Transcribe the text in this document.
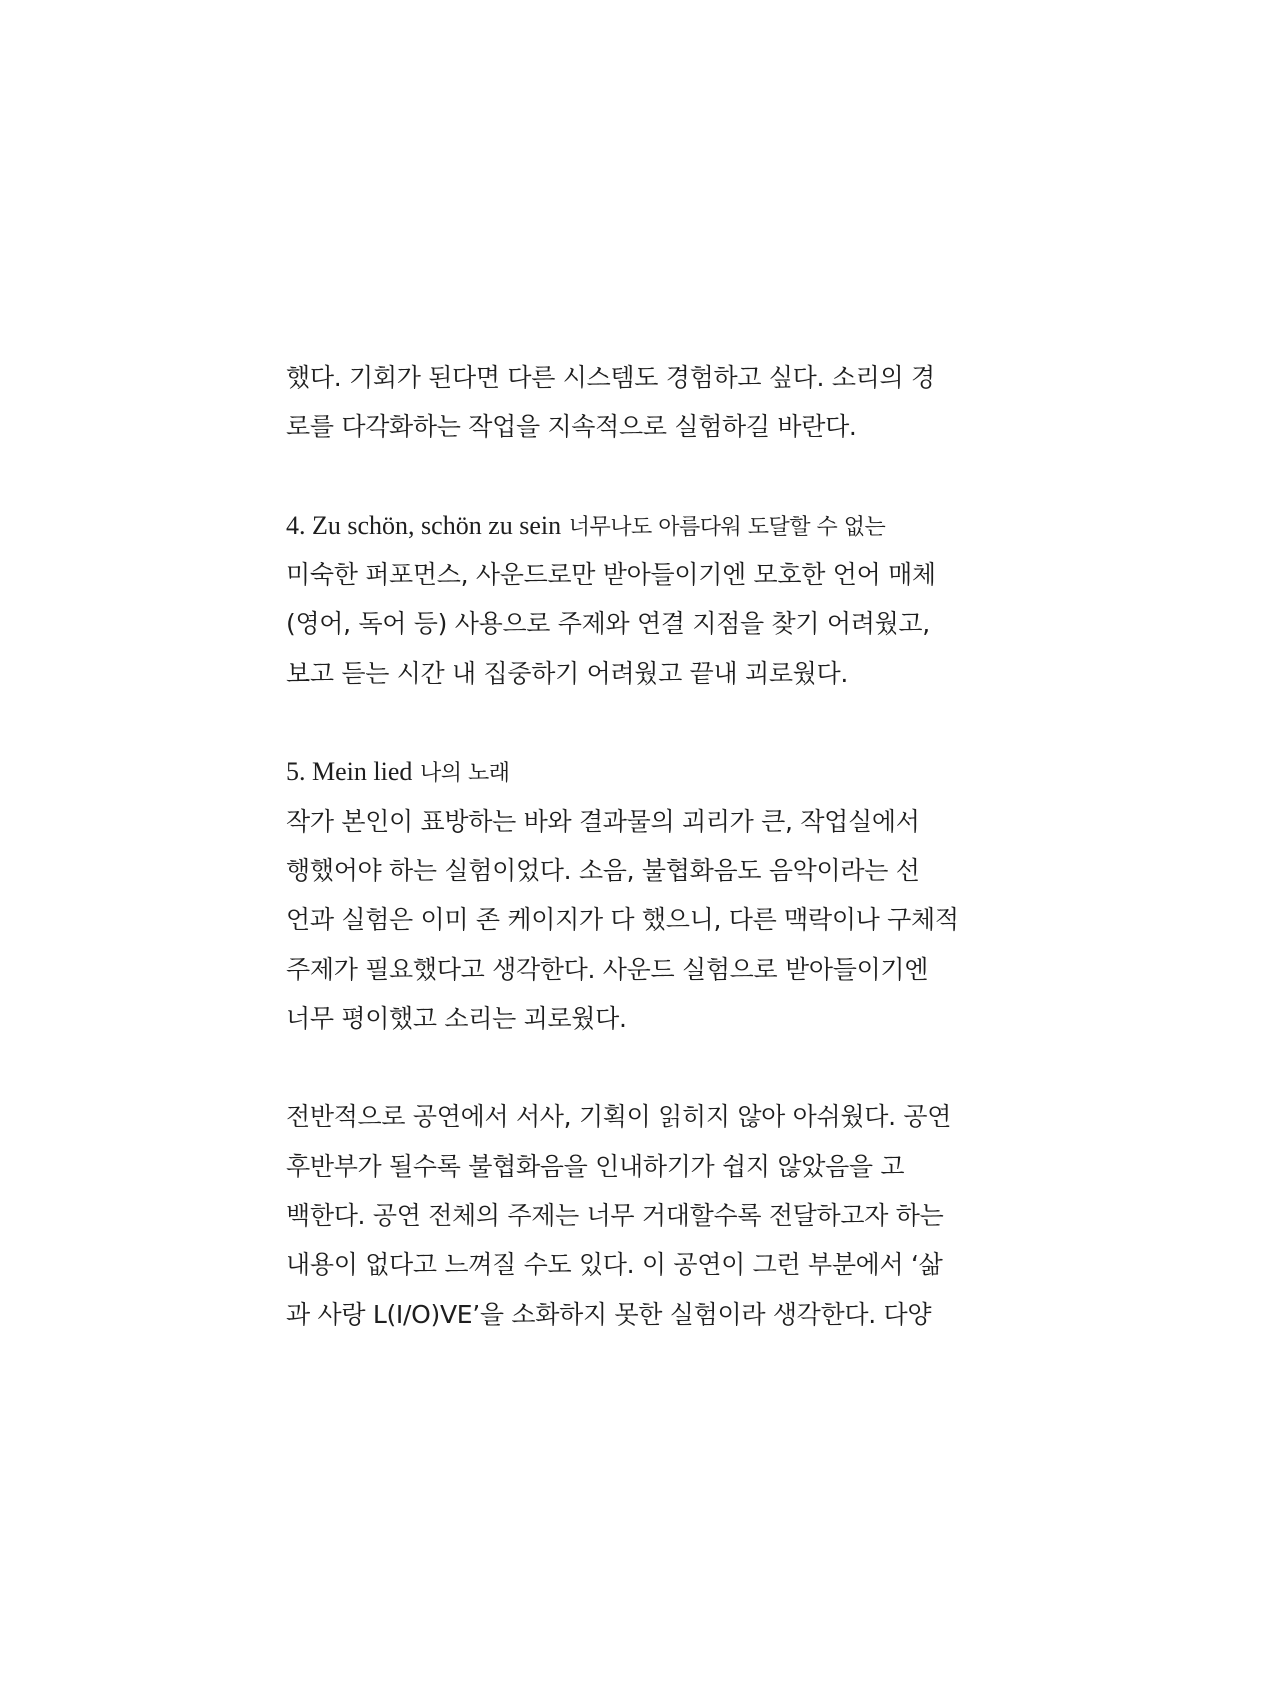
했다. 기회가 된다면 다른 시스템도 경험하고 싶다. 소리의 경
로를 다각화하는 작업을 지속적으로 실험하길 바란다.
4. Zu schön, schön zu sein 너무나도 아름다워 도달할 수 없는
미숙한 퍼포먼스, 사운드로만 받아들이기엔 모호한 언어 매체
(영어, 독어 등) 사용으로 주제와 연결 지점을 찾기 어려웠고,
보고 듣는 시간 내 집중하기 어려웠고 끝내 괴로웠다.
5. Mein lied 나의 노래
작가 본인이 표방하는 바와 결과물의 괴리가 큰, 작업실에서
행했어야 하는 실험이었다. 소음, 불협화음도 음악이라는 선
언과 실험은 이미 존 케이지가 다 했으니, 다른 맥락이나 구체적
주제가 필요했다고 생각한다. 사운드 실험으로 받아들이기엔
너무 평이했고 소리는 괴로웠다.
전반적으로 공연에서 서사, 기획이 읽히지 않아 아쉬웠다. 공연
후반부가 될수록 불협화음을 인내하기가 쉽지 않았음을 고
백한다. 공연 전체의 주제는 너무 거대할수록 전달하고자 하는
내용이 없다고 느껴질 수도 있다. 이 공연이 그런 부분에서 ‘삶
과 사랑 L(I/O)VE’을 소화하지 못한 실험이라 생각한다. 다양
